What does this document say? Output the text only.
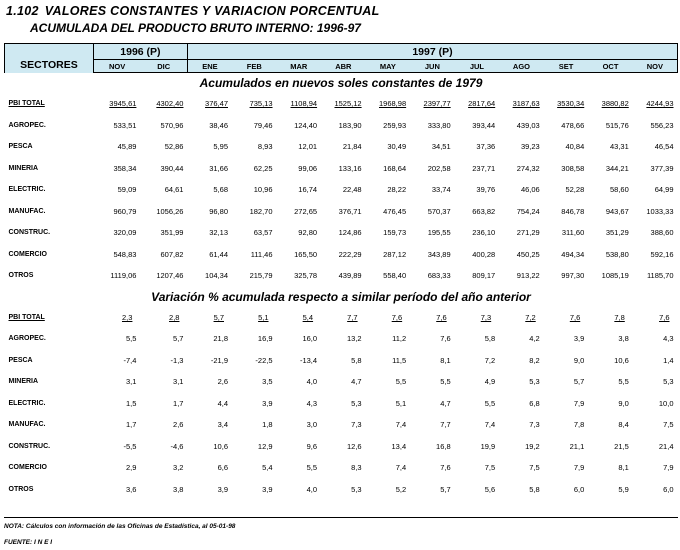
1.102 VALORES CONSTANTES Y VARIACION PORCENTUAL
ACUMULADA DEL PRODUCTO BRUTO INTERNO: 1996-97
SECTORES	1996 (P)		1997 (P)										
	NOV	DIC	ENE	FEB	MAR	ABR	MAY	JUN	JUL	AGO	SET	OCT	NOV
Acumulados en nuevos soles constantes de 1979													
PBI TOTAL	3945,61	4302,40	376,47	735,13	1108,94	1525,12	1968,98	2397,77	2817,64	3187,63	3530,34	3880,82	4244,93
AGROPEC.	533,51	570,96	38,46	79,46	124,40	183,90	259,93	333,80	393,44	439,03	478,66	515,76	556,23
PESCA	45,89	52,86	5,95	8,93	12,01	21,84	30,49	34,51	37,36	39,23	40,84	43,31	46,54
MINERIA	358,34	390,44	31,66	62,25	99,06	133,16	168,64	202,58	237,71	274,32	308,58	344,21	377,39
ELECTRIC.	59,09	64,61	5,68	10,96	16,74	22,48	28,22	33,74	39,76	46,06	52,28	58,60	64,99
MANUFAC.	960,79	1056,26	96,80	182,70	272,65	376,71	476,45	570,37	663,82	754,24	846,78	943,67	1033,33
CONSTRUC.	320,09	351,99	32,13	63,57	92,80	124,86	159,73	195,55	236,10	271,29	311,60	351,29	388,60
COMERCIO	548,83	607,82	61,44	111,46	165,50	222,29	287,12	343,89	400,28	450,25	494,34	538,80	592,16
OTROS	1119,06	1207,46	104,34	215,79	325,78	439,89	558,40	683,33	809,17	913,22	997,30	1085,19	1185,70
Variación % acumulada respecto a similar período del año anterior													
PBI TOTAL	2,3	2,8	5,7	5,1	5,4	7,7	7,6	7,6	7,3	7,2	7,6	7,8	7,6
AGROPEC.	5,5	5,7	21,8	16,9	16,0	13,2	11,2	7,6	5,8	4,2	3,9	3,8	4,3
PESCA	-7,4	-1,3	-21,9	-22,5	-13,4	5,8	11,5	8,1	7,2	8,2	9,0	10,6	1,4
MINERIA	3,1	3,1	2,6	3,5	4,0	4,7	5,5	5,5	4,9	5,3	5,7	5,5	5,3
ELECTRIC.	1,5	1,7	4,4	3,9	4,3	5,3	5,1	4,7	5,5	6,8	7,9	9,0	10,0
MANUFAC.	1,7	2,6	3,4	1,8	3,0	7,3	7,4	7,7	7,4	7,3	7,8	8,4	7,5
CONSTRUC.	-5,5	-4,6	10,6	12,9	9,6	12,6	13,4	16,8	19,9	19,2	21,1	21,5	21,4
COMERCIO	2,9	3,2	6,6	5,4	5,5	8,3	7,4	7,6	7,5	7,5	7,9	8,1	7,9
OTROS	3,6	3,8	3,9	3,9	4,0	5,3	5,2	5,7	5,6	5,8	6,0	5,9	6,0
NOTA: Cálculos con información de las Oficinas de Estadística, al 05-01-98
FUENTE: I N E I
